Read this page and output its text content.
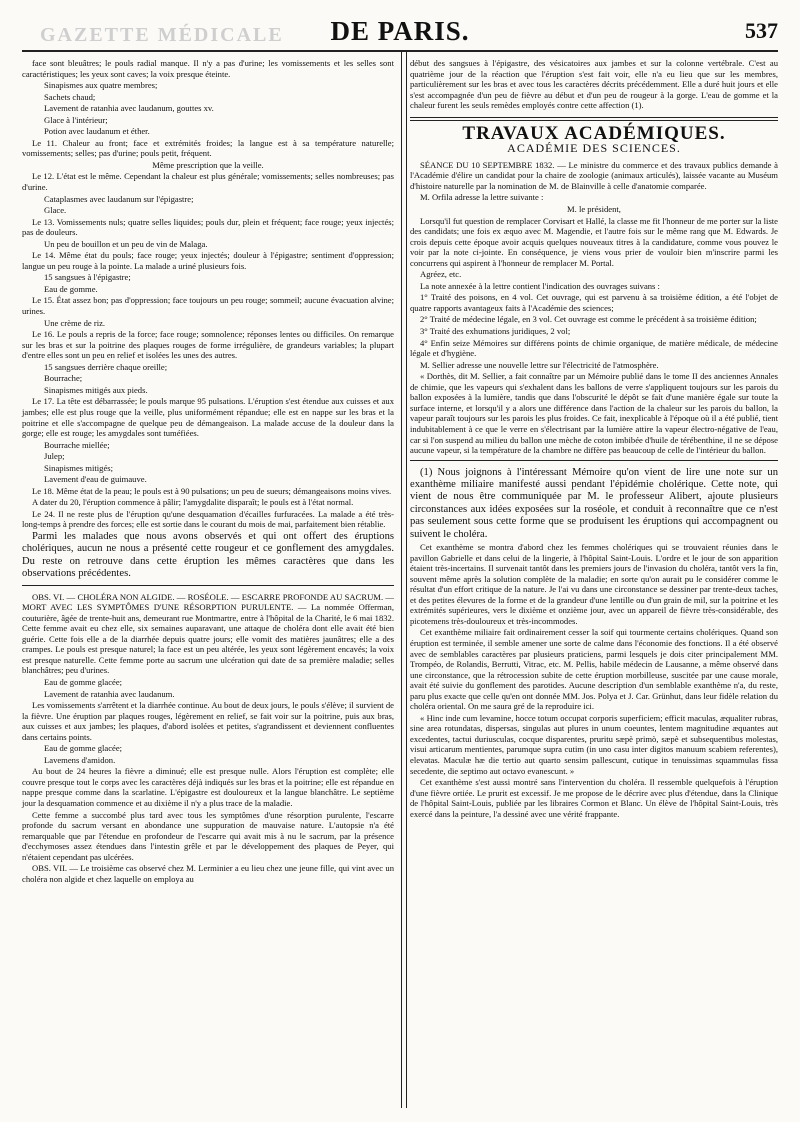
GAZETTE MÉDICALE	DE PARIS.	537

face sont bleuâtres; le pouls radial manque. Il n'y a pas d'urine; les vomissements et les selles sont caractéristiques; les yeux sont caves; la voix presque éteinte.

Sinapismes aux quatre membres;

Sachets chaud;

Lavement de ratanhia avec laudanum, gouttes xv.

Glace à l'intérieur;

Potion avec laudanum et éther.

Le 11. Chaleur au front; face et extrémités froides; la langue est à sa température naturelle; vomissements; selles; pas d'urine; pouls petit, fréquent.

Même prescription que la veille.

Le 12. L'état est le même. Cependant la chaleur est plus générale; vomissements; selles nombreuses; pas d'urine.

Cataplasmes avec laudanum sur l'épigastre;

Glace.

Le 13. Vomissements nuls; quatre selles liquides; pouls dur, plein et fréquent; face rouge; yeux injectés; pas de douleurs.

Un peu de bouillon et un peu de vin de Malaga.

Le 14. Même état du pouls; face rouge; yeux injectés; douleur à l'épigastre; sentiment d'oppression; langue un peu rouge à la pointe. La malade a uriné plusieurs fois.

15 sangsues à l'épigastre;

Eau de gomme.

Le 15. État assez bon; pas d'oppression; face toujours un peu rouge; sommeil; aucune évacuation alvine; urines.

Une crème de riz.

Le 16. Le pouls a repris de la force; face rouge; somnolence; réponses lentes ou difficiles. On remarque sur les bras et sur la poitrine des plaques rouges de forme irrégulière, de grandeurs variables; la plupart d'entre elles sont un peu en relief et isolées les unes des autres.

15 sangsues derrière chaque oreille;

Bourrache;

Sinapismes mitigés aux pieds.

Le 17. La tête est débarrassée; le pouls marque 95 pulsations. L'éruption s'est étendue aux cuisses et aux jambes; elle est plus rouge que la veille, plus uniformément répandue; elle est en nappe sur les bras et la poitrine et elle s'accompagne de quelque peu de démangeaison. La malade accuse de la douleur dans la gorge; elle est rouge; les amygdales sont tuméfiées.

Bourrache miellée;

Julep;

Sinapismes mitigés;

Lavement d'eau de guimauve.

Le 18. Même état de la peau; le pouls est à 90 pulsations; un peu de sueurs; démangeaisons moins vives.

A dater du 20, l'éruption commence à pâlir; l'amygdalite disparaît; le pouls est à l'état normal.

Le 24. Il ne reste plus de l'éruption qu'une desquamation d'écailles furfuracées. La malade a été très-long-temps à prendre des forces; elle est sortie dans le courant du mois de mai, parfaitement bien rétablie.

Parmi les malades que nous avons observés et qui ont offert des éruptions cholériques, aucun ne nous a présenté cette rougeur et ce gonflement des amygdales. Du reste on retrouve dans cette éruption les mêmes caractères que dans les observations précédentes.

OBS. VI. — CHOLÉRA NON ALGIDE. — ROSÉOLE. — ESCARRE PROFONDE AU SACRUM. — MORT AVEC LES SYMPTÔMES D'UNE RÉSORPTION PURULENTE. — La nommée Offerman, couturière, âgée de trente-huit ans, demeurant rue Montmartre, entre à l'hôpital de la Charité, le 6 mai 1832. Cette femme avait eu chez elle, six semaines auparavant, une attaque de choléra dont elle avait été bien guérie. Cette fois elle a de la diarrhée depuis quatre jours; elle vomit des matières jaunâtres; elle a des crampes. Le pouls est presque naturel; la face est un peu altérée, les yeux sont légèrement encavés; la voix est presque naturelle. Cette femme porte au sacrum une ulcération qui date de sa première maladie; selles blanchâtres; peu d'urines.

Eau de gomme glacée;

Lavement de ratanhia avec laudanum.

Les vomissements s'arrêtent et la diarrhée continue. Au bout de deux jours, le pouls s'élève; il survient de la fièvre. Une éruption par plaques rouges, légèrement en relief, se fait voir sur la poitrine, puis aux bras, aux cuisses et aux jambes; les plaques, d'abord isolées et petites, s'agrandissent et deviennent confluentes dans certains points.

Eau de gomme glacée;

Lavemens d'amidon.

Au bout de 24 heures la fièvre a diminué; elle est presque nulle. Alors l'éruption est complète; elle couvre presque tout le corps avec les caractères déjà indiqués sur les bras et la poitrine; elle est répandue en nappe presque comme dans la scarlatine. L'épigastre est douloureux et la langue blanchâtre. Le septième jour la desquamation commence et au dixième il n'y a plus trace de la maladie.

Cette femme a succombé plus tard avec tous les symptômes d'une résorption purulente, l'escarre profonde du sacrum versant en abondance une suppuration de mauvaise nature. L'autopsie n'a été remarquable que par l'étendue en profondeur de l'escarre qui avait mis à nu le sacrum, par la présence d'ecchymoses assez étendues dans l'intestin grêle et par le développement des plaques de Peyer, qui n'étaient cependant pas ulcérées.

OBS. VII. — Le troisième cas observé chez M. Lerminier a eu lieu chez une jeune fille, qui vint avec un choléra non algide et chez laquelle on employa au

début des sangsues à l'épigastre, des vésicatoires aux jambes et sur la colonne vertébrale. C'est au quatrième jour de la réaction que l'éruption s'est fait voir, elle n'a eu lieu que sur les membres, particulièrement sur les bras et avec tous les caractères décrits précédemment. Elle a duré huit jours et elle s'est accompagnée d'un peu de fièvre au début et d'un peu de rougeur à la gorge. L'eau de gomme et la chaleur furent les seuls remèdes employés contre cette affection (1).

TRAVAUX ACADÉMIQUES.
ACADÉMIE DES SCIENCES.

SÉANCE DU 10 SEPTEMBRE 1832. — Le ministre du commerce et des travaux publics demande à l'Académie d'élire un candidat pour la chaire de zoologie (animaux articulés), laissée vacante au Muséum d'histoire naturelle par la nomination de M. de Blainville à celle d'anatomie comparée.

M. Orfila adresse la lettre suivante :

M. le président,

Lorsqu'il fut question de remplacer Corvisart et Hallé, la classe me fit l'honneur de me porter sur la liste des candidats; une fois ex æquo avec M. Magendie, et l'autre fois sur le même rang que M. Edwards. Je crois depuis cette époque avoir acquis quelques nouveaux titres à la candidature, comme vous pouvez le voir par la note ci-jointe. En conséquence, je viens vous prier de vouloir bien m'inscrire parmi les concurrens qui aspirent à l'honneur de remplacer M. Portal.

Agréez, etc.

La note annexée à la lettre contient l'indication des ouvrages suivans :

1° Traité des poisons, en 4 vol. Cet ouvrage, qui est parvenu à sa troisième édition, a été l'objet de quatre rapports avantageux faits à l'Académie des sciences;

2° Traité de médecine légale, en 3 vol. Cet ouvrage est comme le précédent à sa troisième édition;

3° Traité des exhumations juridiques, 2 vol;

4° Enfin seize Mémoires sur différens points de chimie organique, de matière médicale, de médecine légale et d'hygiène.

M. Sellier adresse une nouvelle lettre sur l'électricité de l'atmosphère.

« Dorthès, dit M. Sellier, a fait connaître par un Mémoire publié dans le tome II des anciennes Annales de chimie, que les vapeurs qui s'exhalent dans les ballons de verre s'appliquent toujours sur les parois du ballon exposées à la lumière, tandis que dans l'obscurité le dépôt se fait d'une manière égale sur toute la surface interne, et lorsqu'il y a alors une différence dans l'action de la chaleur sur les parois du ballon, la vapeur paraît toujours sur les parois les plus froides. Ce fait, inexplicable à l'époque où il a été publié, tient indubitablement à ce que le verre en s'électrisant par la lumière attire la vapeur électro-négative de l'eau, car si l'on suspend au milieu du ballon une mèche de coton imbibée d'huile de térébenthine, il ne se dépose aucune vapeur, si la température de la chambre ne diffère pas beaucoup de celle de l'intérieur du ballon.

(1) Nous joignons à l'intéressant Mémoire qu'on vient de lire une note sur un exanthème miliaire manifesté aussi pendant l'épidémie cholérique. Cette note, qui vient de nous être communiquée par M. le professeur Alibert, ajoute plusieurs circonstances aux idées exposées sur la roséole, et conduit à reconnaître que ce n'est pas seulement sous cette forme que se produisent les éruptions qui accompagnent ou suivent le choléra.

Cet exanthème se montra d'abord chez les femmes cholériques qui se trouvaient réunies dans le pavillon Gabrielle et dans celui de la lingerie, à l'hôpital Saint-Louis. L'ordre et le jour de son apparition étaient très-incertains. Il survenait tantôt dans les premiers jours de l'invasion du choléra, tantôt vers la fin, souvent même après la solution complète de la maladie; en sorte qu'on aurait pu le considérer comme le résultat d'un effort critique de la nature. Je l'ai vu dans une circonstance se dessiner par trente-deux taches, et des petites élevures de la forme et de la grandeur d'une lentille ou d'un grain de mil, sur la poitrine et les extrémités supérieures, vers le dixième et onzième jour, avec un appareil de fièvre très-considérable, des picotemens très-douloureux et très-incommodes.

Cet exanthème miliaire fait ordinairement cesser la soif qui tourmente certains cholériques. Quand son éruption est terminée, il semble amener une sorte de calme dans l'économie des fonctions. Il a été observé avec de semblables caractères par plusieurs praticiens, parmi lesquels je dois citer principalement MM. Trompéo, de Rolandis, Berrutti, Vitrac, etc. M. Pellis, habile médecin de Lausanne, a même observé dans une circonstance, que la rétrocession subite de cette éruption morbilleuse, suscitée par une cause morale, avait été suivie du gonflement des parotides. Aucune description d'un semblable exanthème n'a, du reste, paru plus exacte que celle qu'en ont donnée MM. Jos. Polya et J. Car. Grünhut, dans leur fidèle relation du choléra oriental. On me saura gré de la reproduire ici.

« Hinc inde cum levamine, hocce totum occupat corporis superficiem; efficit maculas, æqualiter rubras, sine area rotundatas, dispersas, singulas aut plures in unum coeuntes, lentem magnitudine æquantes aut excedentes, tactui duriusculas, cocque disparentes, pruritu sæpè primò, sæpè et subsequentibus molestas, visui articarum mentientes, parumque supra cutim (in uno casu inter digitos manuum scabiem referentes), elevatas. Maculæ hæ die tertio aut quarto sensim pallescunt, cutique in tenuissimas squammulas fissa secedente, die septimo aut octavo evanescunt. »

Cet exanthème s'est aussi montré sans l'intervention du choléra. Il ressemble quelquefois à l'éruption d'une fièvre ortiée. Le prurit est excessif. Je me propose de le décrire avec plus d'étendue, dans la Clinique de l'hôpital Saint-Louis, publiée par les libraires Cormon et Blanc. Un élève de l'hôpital Saint-Louis, très exercé dans la peinture, l'a dessiné avec une vérité frappante.
